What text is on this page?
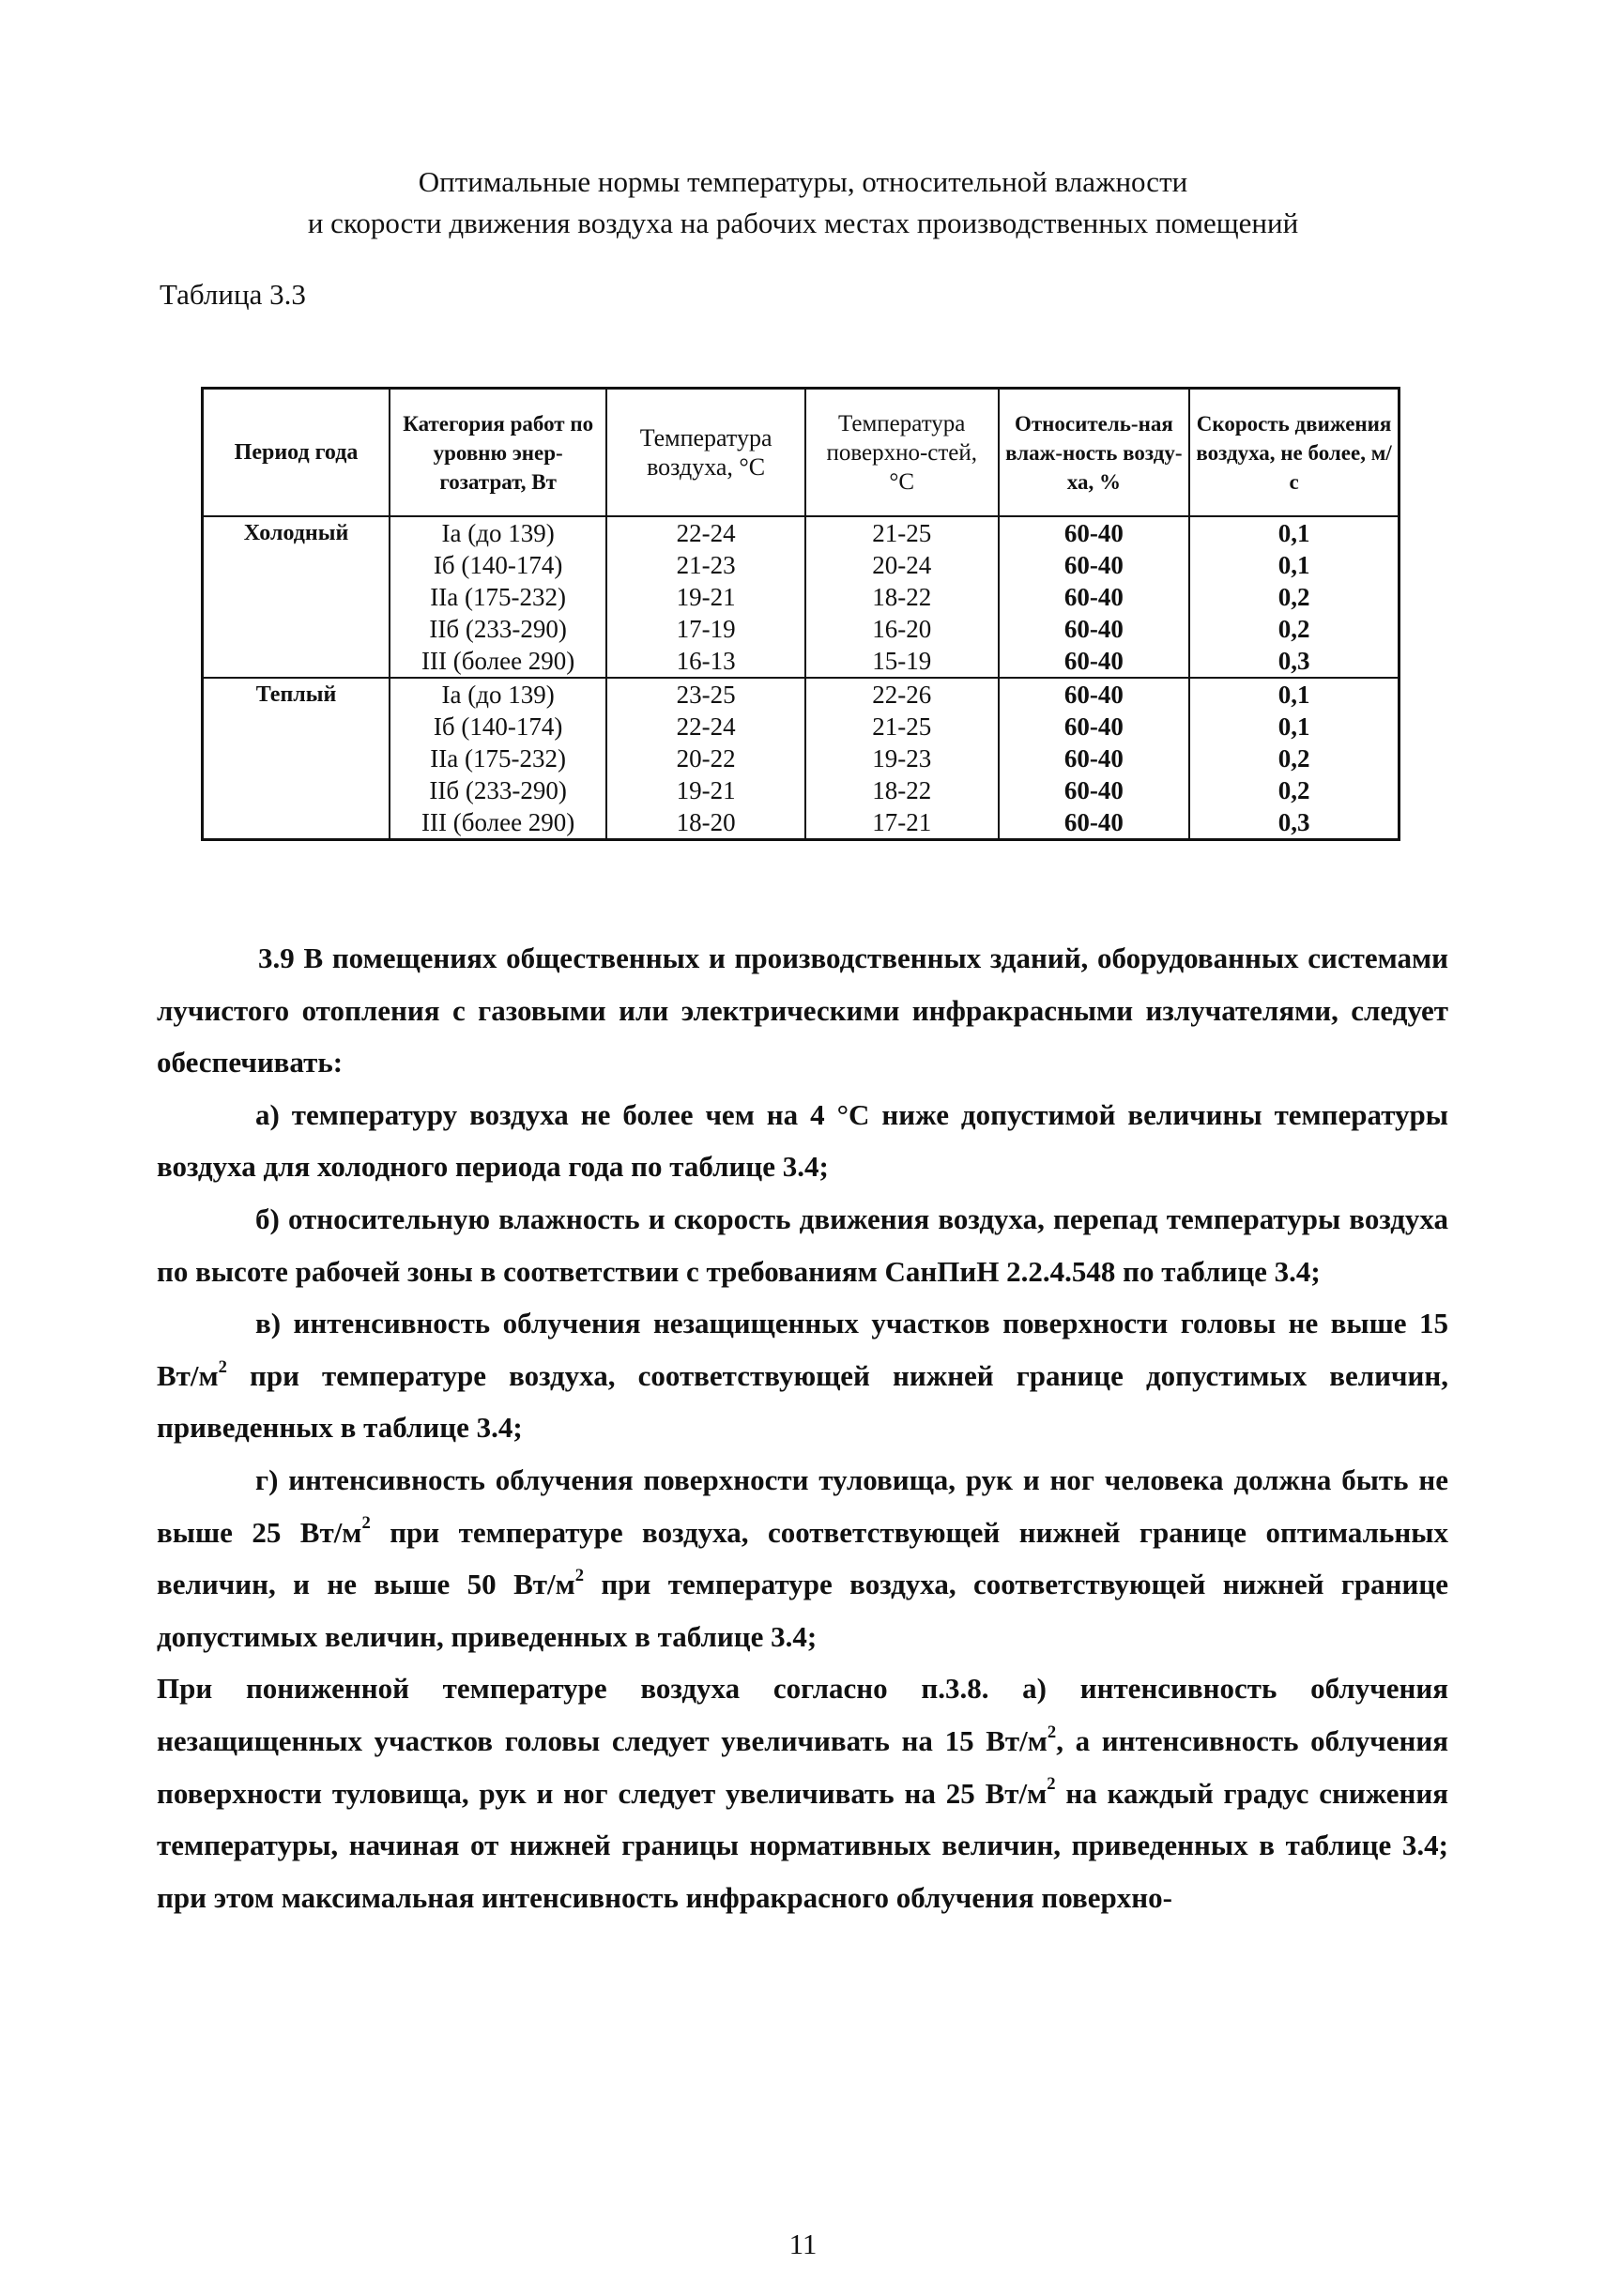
Оптимальные нормы температуры, относительной влажности
и скорости движения воздуха на рабочих местах производственных помещений
Таблица 3.3
Период года	Категория работ по уровню энер-гозатрат, Вт	Температура воздуха, °С	Температура поверхно-стей, °С	Относитель-ная влаж-ность возду-ха, %	Скорость движения воздуха, не более, м/с
Холодный	Iа (до 139)	22-24	21-25	60-40	0,1
	Iб (140-174)	21-23	20-24	60-40	0,1
	IIа (175-232)	19-21	18-22	60-40	0,2
	IIб (233-290)	17-19	16-20	60-40	0,2
	III (более 290)	16-13	15-19	60-40	0,3
Теплый	Iа (до 139)	23-25	22-26	60-40	0,1
	Iб (140-174)	22-24	21-25	60-40	0,1
	IIа (175-232)	20-22	19-23	60-40	0,2
	IIб (233-290)	19-21	18-22	60-40	0,2
	III (более 290)	18-20	17-21	60-40	0,3

3.9 В помещениях общественных и производственных зданий, оборудованных системами лучистого отопления с газовыми или электрическими инфракрасными излучателями, следует обеспечивать:

а) температуру воздуха не более чем на 4 °С ниже допустимой величины температуры воздуха для холодного периода года по таблице 3.4;

б) относительную влажность и скорость движения воздуха, перепад температуры воздуха по высоте рабочей зоны в соответствии с требованиям СанПиН 2.2.4.548 по таблице 3.4;

в) интенсивность облучения незащищенных участков поверхности головы не выше 15 $Вт/м^2$ при температуре воздуха, соответствующей нижней границе допустимых величин, приведенных в таблице 3.4;

г) интенсивность облучения поверхности туловища, рук и ног человека должна быть не выше 25 $Вт/м^2$ при температуре воздуха, соответствующей нижней границе оптимальных величин, и не выше 50 $Вт/м^2$ при температуре воздуха, соответствующей нижней границе допустимых величин, приведенных в таблице 3.4;

При пониженной температуре воздуха согласно п.3.8. а) интенсивность облучения незащищенных участков головы следует увеличивать на 15 $Вт/м^2$, а интенсивность облучения поверхности туловища, рук и ног следует увеличивать на 25 $Вт/м^2$ на каждый градус снижения температуры, начиная от нижней границы нормативных величин, приведенных в таблице 3.4; при этом максимальная интенсивность инфракрасного облучения поверхно-

11
